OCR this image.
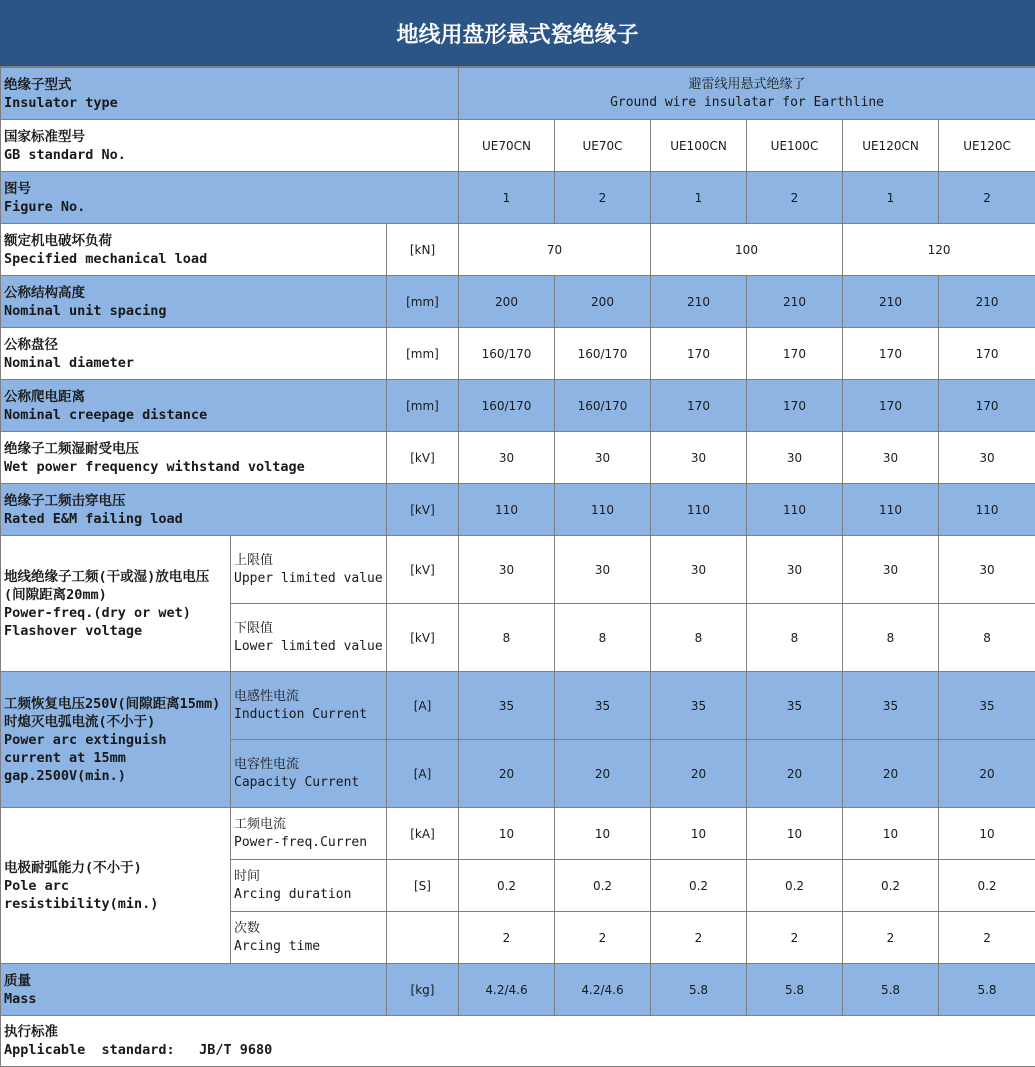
地线用盘形悬式瓷绝缘子
绝缘子型式
Insulator type			避雷线用悬式绝缘了
Ground wire insulatar for Earthline					

国家标准型号
GB standard No.			UE70CN	UE70C	UE100CN	UE100C	UE120CN	UE120C

图号
Figure No.			1	2	1	2	1	2

额定机电破坏负荷
Specified mechanical load		[kN]	70		100		120	

公称结构高度
Nominal unit spacing		[mm]	200	200	210	210	210	210

公称盘径
Nominal diameter		[mm]	160/170	160/170	170	170	170	170

公称爬电距离
Nominal creepage distance		[mm]	160/170	160/170	170	170	170	170

绝缘子工频湿耐受电压
Wet power frequency withstand voltage		[kV]	30	30	30	30	30	30

绝缘子工频击穿电压
Rated E&M failing load		[kV]	110	110	110	110	110	110

地线绝缘子工频(干或湿)放电电压(间隙距离20mm)
Power-freq.(dry or wet) Flashover voltage	上限值
Upper limited value	[kV]	30	30	30	30	30	30

	下限值
Lower limited value	[kV]	8	8	8	8	8	8

工频恢复电压250V(间隙距离15mm)时熄灭电弧电流(不小于)
Power arc extinguish current at 15mm gap.2500V(min.)	电感性电流
Induction Current	[A]	35	35	35	35	35	35

	电容性电流
Capacity Current	[A]	20	20	20	20	20	20

电极耐弧能力(不小于)
Pole arc resistibility(min.)	工频电流
Power-freq.Curren	[kA]	10	10	10	10	10	10

	时间
Arcing duration	[S]	0.2	0.2	0.2	0.2	0.2	0.2

	次数
Arcing time		2	2	2	2	2	2

质量
Mass		[kg]	4.2/4.6	4.2/4.6	5.8	5.8	5.8	5.8

执行标准
Applicable  standard:   JB/T 9680								
